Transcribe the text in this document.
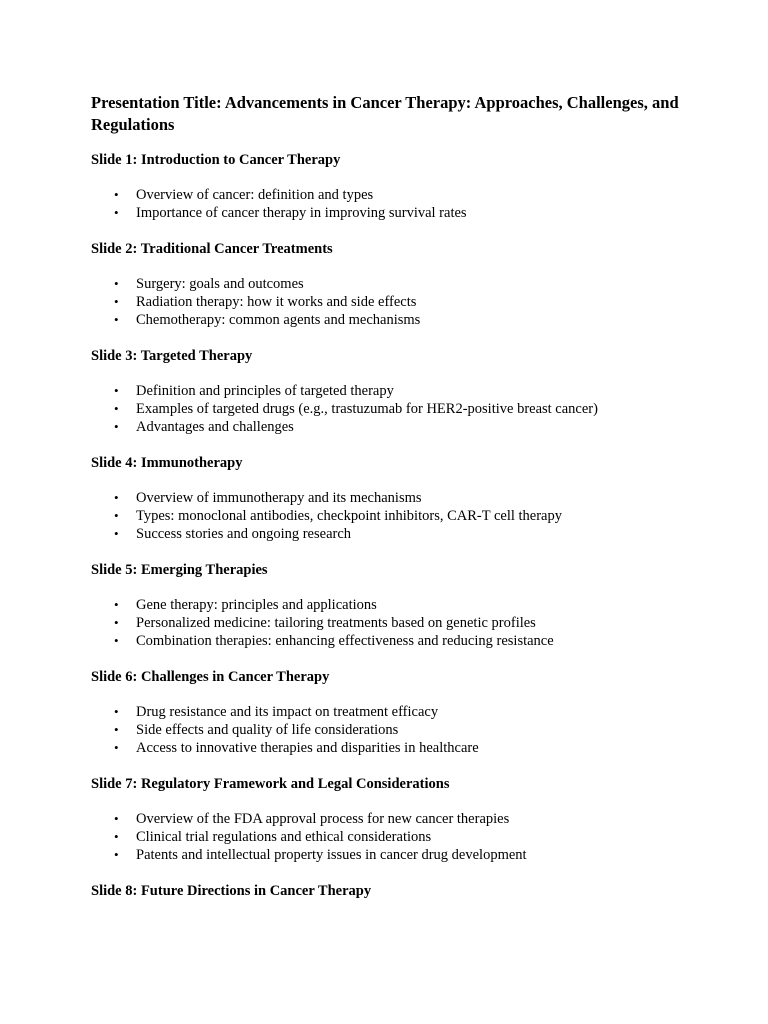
Presentation Title: Advancements in Cancer Therapy: Approaches, Challenges, and Regulations
Slide 1: Introduction to Cancer Therapy
• Overview of cancer: definition and types
• Importance of cancer therapy in improving survival rates
Slide 2: Traditional Cancer Treatments
• Surgery: goals and outcomes
• Radiation therapy: how it works and side effects
• Chemotherapy: common agents and mechanisms
Slide 3: Targeted Therapy
• Definition and principles of targeted therapy
• Examples of targeted drugs (e.g., trastuzumab for HER2-positive breast cancer)
• Advantages and challenges
Slide 4: Immunotherapy
• Overview of immunotherapy and its mechanisms
• Types: monoclonal antibodies, checkpoint inhibitors, CAR-T cell therapy
• Success stories and ongoing research
Slide 5: Emerging Therapies
• Gene therapy: principles and applications
• Personalized medicine: tailoring treatments based on genetic profiles
• Combination therapies: enhancing effectiveness and reducing resistance
Slide 6: Challenges in Cancer Therapy
• Drug resistance and its impact on treatment efficacy
• Side effects and quality of life considerations
• Access to innovative therapies and disparities in healthcare
Slide 7: Regulatory Framework and Legal Considerations
• Overview of the FDA approval process for new cancer therapies
• Clinical trial regulations and ethical considerations
• Patents and intellectual property issues in cancer drug development
Slide 8: Future Directions in Cancer Therapy
